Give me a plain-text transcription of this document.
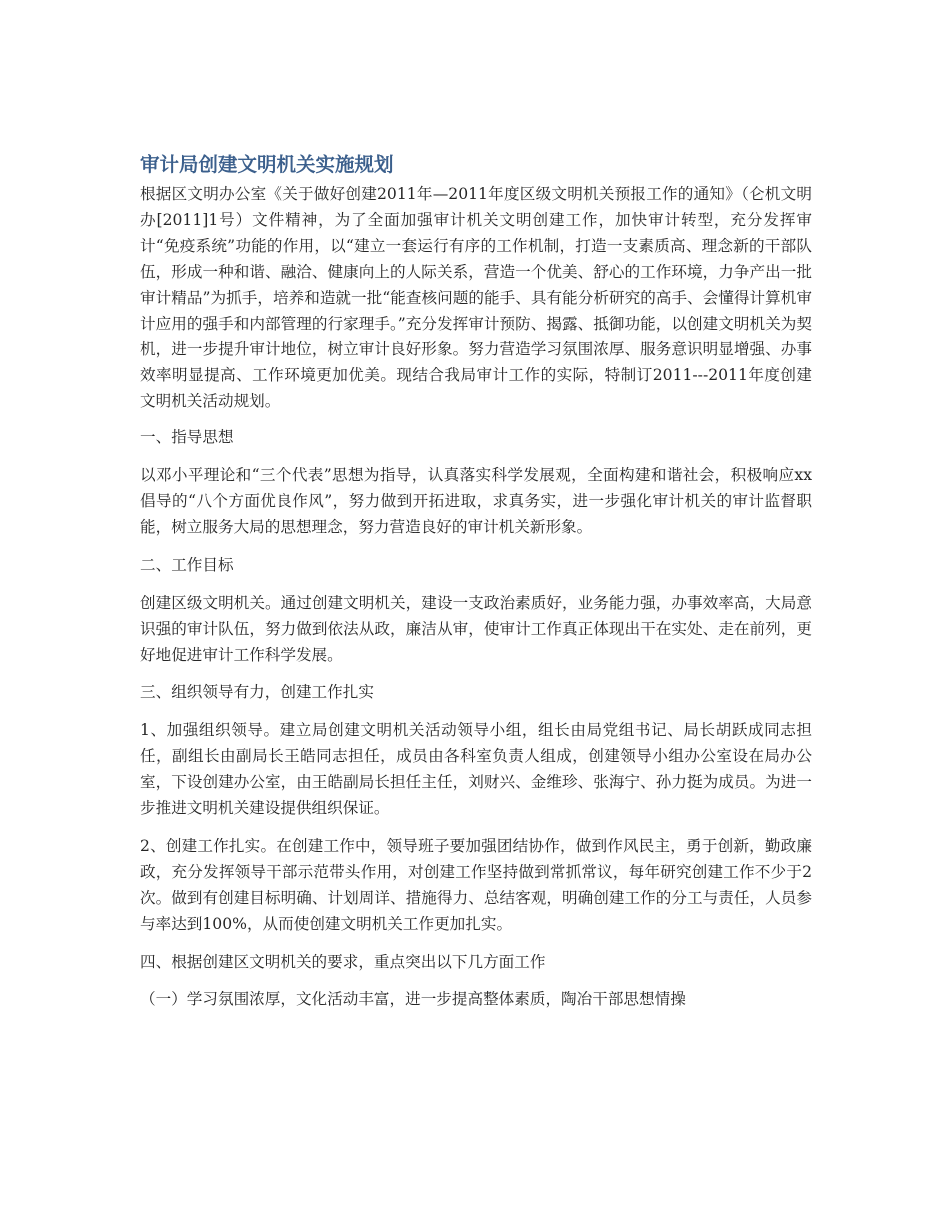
审计局创建文明机关实施规划

根据区文明办公室《关于做好创建2011年—2011年度区级文明机关预报工作的通知》（仑机文明办[2011]1号）文件精神，为了全面加强审计机关文明创建工作，加快审计转型，充分发挥审计“免疫系统”功能的作用，以“建立一套运行有序的工作机制，打造一支素质高、理念新的干部队伍，形成一种和谐、融洽、健康向上的人际关系，营造一个优美、舒心的工作环境，力争产出一批审计精品”为抓手，培养和造就一批“能查核问题的能手、具有能分析研究的高手、会懂得计算机审计应用的强手和内部管理的行家理手。”充分发挥审计预防、揭露、抵御功能，以创建文明机关为契机，进一步提升审计地位，树立审计良好形象。努力营造学习氛围浓厚、服务意识明显增强、办事效率明显提高、工作环境更加优美。现结合我局审计工作的实际，特制订2011---2011年度创建文明机关活动规划。

一、指导思想

以邓小平理论和“三个代表”思想为指导，认真落实科学发展观，全面构建和谐社会，积极响应xx倡导的“八个方面优良作风”，努力做到开拓进取，求真务实，进一步强化审计机关的审计监督职能，树立服务大局的思想理念，努力营造良好的审计机关新形象。

二、工作目标

创建区级文明机关。通过创建文明机关，建设一支政治素质好，业务能力强，办事效率高，大局意识强的审计队伍，努力做到依法从政，廉洁从审，使审计工作真正体现出干在实处、走在前列，更好地促进审计工作科学发展。

三、组织领导有力，创建工作扎实

1、加强组织领导。建立局创建文明机关活动领导小组，组长由局党组书记、局长胡跃成同志担任，副组长由副局长王皓同志担任，成员由各科室负责人组成，创建领导小组办公室设在局办公室，下设创建办公室，由王皓副局长担任主任，刘财兴、金维珍、张海宁、孙力挺为成员。为进一步推进文明机关建设提供组织保证。

2、创建工作扎实。在创建工作中，领导班子要加强团结协作，做到作风民主，勇于创新，勤政廉政，充分发挥领导干部示范带头作用，对创建工作坚持做到常抓常议，每年研究创建工作不少于2次。做到有创建目标明确、计划周详、措施得力、总结客观，明确创建工作的分工与责任，人员参与率达到100%，从而使创建文明机关工作更加扎实。

四、根据创建区文明机关的要求，重点突出以下几方面工作

（一）学习氛围浓厚，文化活动丰富，进一步提高整体素质，陶冶干部思想情操
